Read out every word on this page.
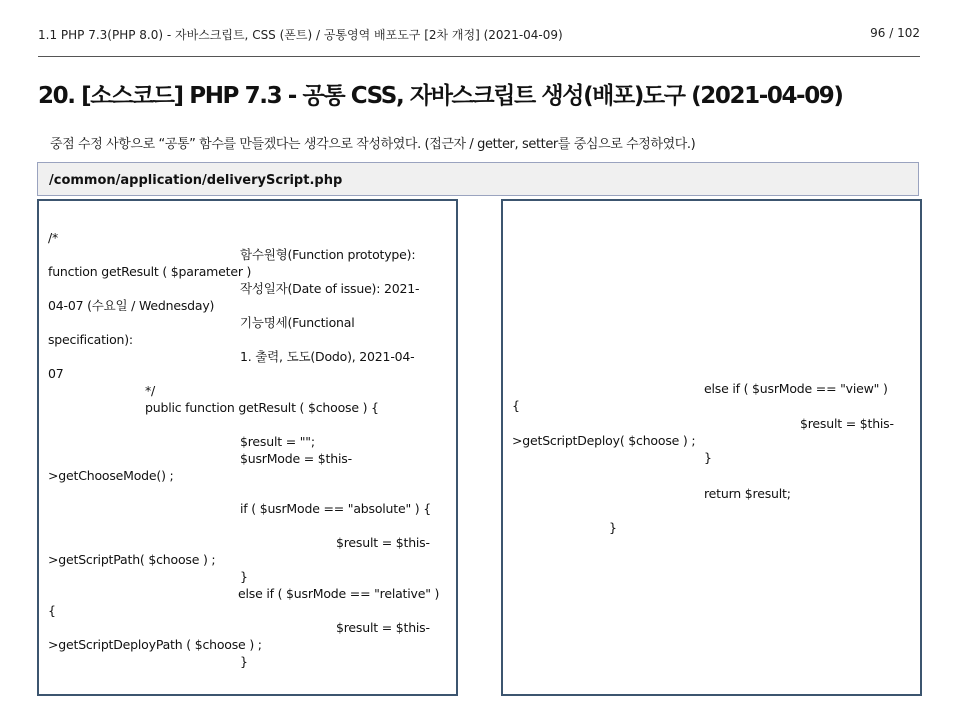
1.1 PHP 7.3(PHP 8.0) - 자바스크립트, CSS (폰트) / 공통영역 배포도구 [2차 개정] (2021-04-09)	96 / 102
20. [소스코드] PHP 7.3 - 공통 CSS, 자바스크립트 생성(배포)도구 (2021-04-09)
중점 수정 사항으로 “공통” 함수를 만들겠다는 생각으로 작성하였다. (접근자 / getter, setter를 중심으로 수정하였다.)
/common/application/deliveryScript.php
/*
함수원형(Function prototype):
function getResult ( $parameter )
작성일자(Date of issue): 2021-
04-07 (수요일 / Wednesday)
기능명세(Functional
specification):
1. 출력, 도도(Dodo), 2021-04-
07
*/
public function getResult ( $choose ) {
$result = "";
$usrMode = $this-
>getChooseMode() ;
if ( $usrMode == "absolute" ) {
$result = $this-
>getScriptPath( $choose ) ;
}
else if ( $usrMode == "relative" )
{
$result = $this-
>getScriptDeployPath ( $choose ) ;
}
else if ( $usrMode == "view" )
{
$result = $this-
>getScriptDeploy( $choose ) ;
}
return $result;
}
